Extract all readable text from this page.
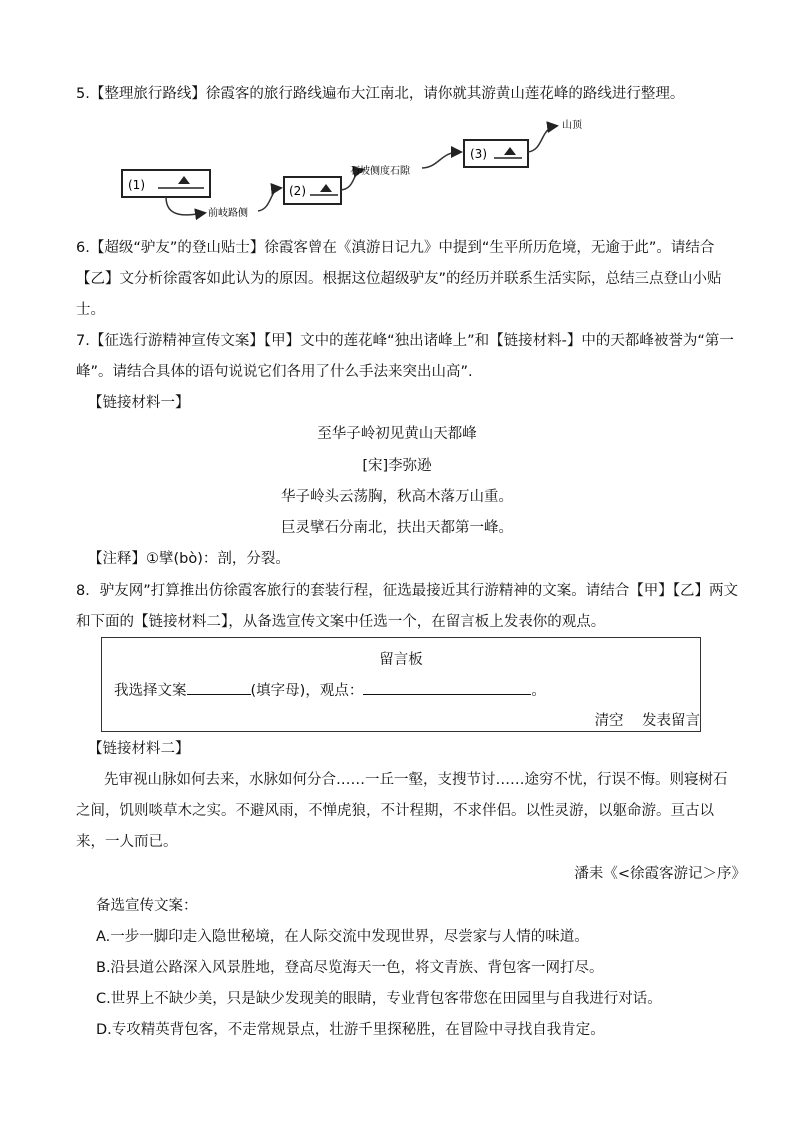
5.【整理旅行路线】徐霞客的旅行路线遍布大江南北，请你就其游黄山莲花峰的路线进行整理。
(1)
前岐路侧
(2)
石坡侧度石隙
(3)
山顶
6.【超级“驴友”的登山贴士】徐霞客曾在《滇游日记九》中提到“生平所历危境，无逾于此”。请结合
【乙】文分析徐霞客如此认为的原因。根据这位超级驴友”的经历并联系生活实际，总结三点登山小贴
士。
7.【征选行游精神宣传文案】【甲】文中的莲花峰“独出诸峰上”和【链接材料-】中的天都峰被誉为“第一
峰”。请结合具体的语句说说它们各用了什么手法来突出山高”.
【链接材料一】
至华子岭初见黄山天都峰
[宋]李弥逊
华子岭头云荡胸，秋高木落万山重。
巨灵擘石分南北，扶出天都第一峰。
【注释】①擘(bò)：剖，分裂。
8．驴友网”打算推出仿徐霞客旅行的套装行程，征选最接近其行游精神的文案。请结合【甲】【乙】两文
和下面的【链接材料二】，从备选宣传文案中任选一个，在留言板上发表你的观点。
留言板
我选择文案	(填字母)，观点：	。
清空 发表留言
【链接材料二】
先审视山脉如何去来，水脉如何分合……一丘一壑，支搜节讨……途穷不忧，行误不悔。则寝树石
之间，饥则啖草木之实。不避风雨，不惮虎狼，不计程期，不求伴侣。以性灵游，以躯命游。亘古以
来，一人而已。
潘耒《<徐霞客游记＞序》
备选宣传文案：
A.一步一脚印走入隐世秘境，在人际交流中发现世界，尽尝家与人情的味道。
B.沿县道公路深入风景胜地，登高尽览海天一色，将文青族、背包客一网打尽。
C.世界上不缺少美，只是缺少发现美的眼睛，专业背包客带您在田园里与自我进行对话。
D.专攻精英背包客，不走常规景点，壮游千里探秘胜，在冒险中寻找自我肯定。
